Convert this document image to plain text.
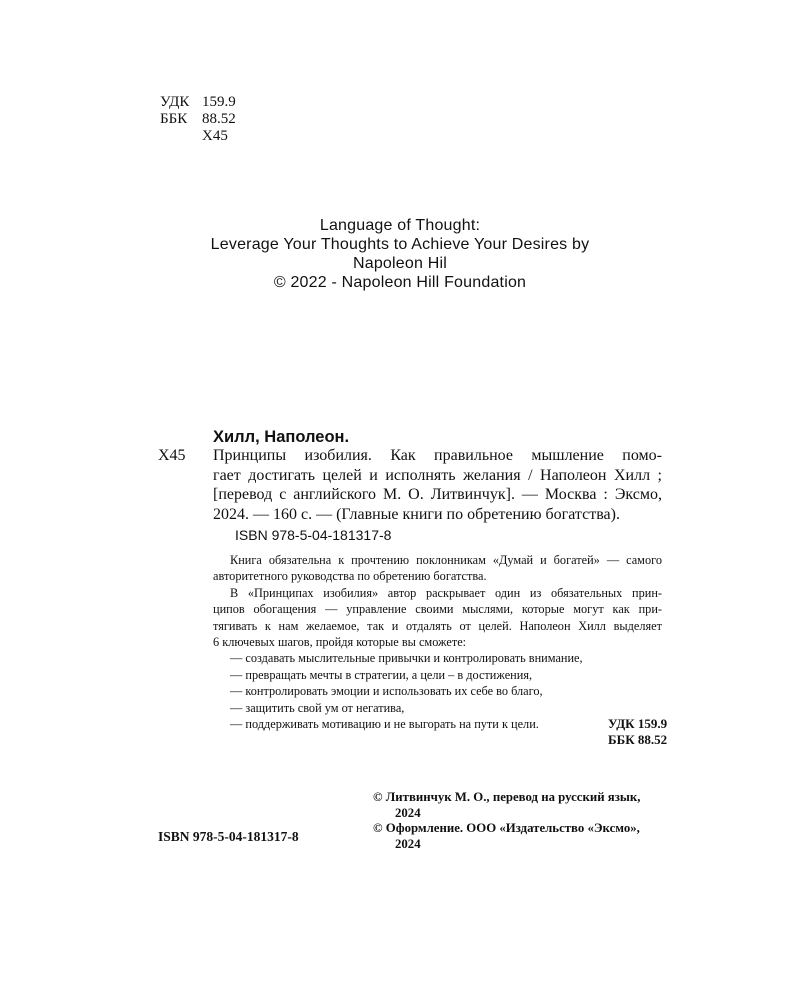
УДК 159.9
ББК 88.52
Х45
Language of Thought:
Leverage Your Thoughts to Achieve Your Desires by
Napoleon Hil
© 2022 - Napoleon Hill Foundation
Хилл, Наполеон.
Х45 Принципы изобилия. Как правильное мышление помо-
гает достигать целей и исполнять желания / Наполеон Хилл ;
[перевод с английского М. О. Литвинчук]. — Москва : Эксмо,
2024. — 160 с. — (Главные книги по обретению богатства).
ISBN 978-5-04-181317-8
Книга обязательна к прочтению поклонникам «Думай и богатей» — самого
авторитетного руководства по обретению богатства.
В «Принципах изобилия» автор раскрывает один из обязательных прин-
ципов обогащения — управление своими мыслями, которые могут как при-
тягивать к нам желаемое, так и отдалять от целей. Наполеон Хилл выделяет
6 ключевых шагов, пройдя которые вы сможете:
— создавать мыслительные привычки и контролировать внимание,
— превращать мечты в стратегии, а цели – в достижения,
— контролировать эмоции и использовать их себе во благо,
— защитить свой ум от негатива,
— поддерживать мотивацию и не выгорать на пути к цели.	УДК 159.9
ББК 88.52
© Литвинчук М. О., перевод на русский язык,
2024
© Оформление. ООО «Издательство «Эксмо»,
2024
ISBN 978-5-04-181317-8
